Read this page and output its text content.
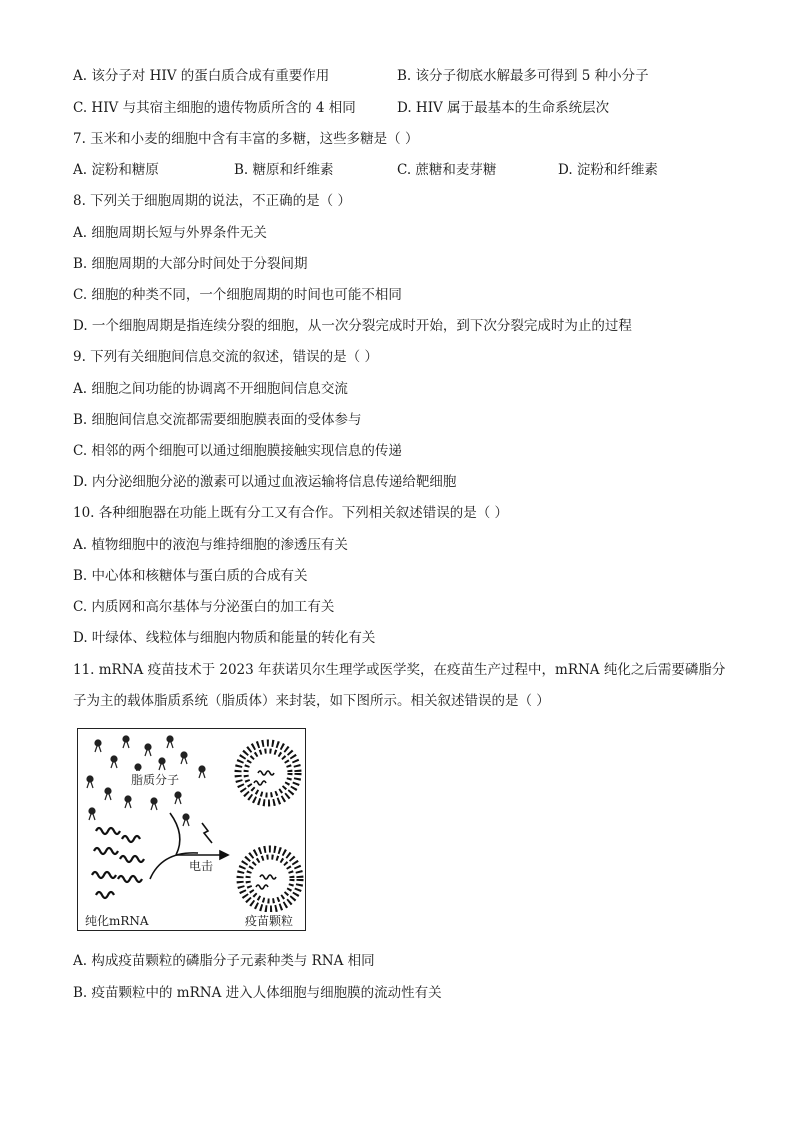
A. 该分子对 HIV 的蛋白质合成有重要作用	B. 该分子彻底水解最多可得到 5 种小分子
C. HIV 与其宿主细胞的遗传物质所含的 4 相同	D. HIV 属于最基本的生命系统层次
7. 玉米和小麦的细胞中含有丰富的多糖，这些多糖是（ ）
A. 淀粉和糖原	B. 糖原和纤维素	C. 蔗糖和麦芽糖	D. 淀粉和纤维素
8. 下列关于细胞周期的说法，不正确的是（ ）
A. 细胞周期长短与外界条件无关
B. 细胞周期的大部分时间处于分裂间期
C. 细胞的种类不同，一个细胞周期的时间也可能不相同
D. 一个细胞周期是指连续分裂的细胞，从一次分裂完成时开始，到下次分裂完成时为止的过程
9. 下列有关细胞间信息交流的叙述，错误的是（ ）
A. 细胞之间功能的协调离不开细胞间信息交流
B. 细胞间信息交流都需要细胞膜表面的受体参与
C. 相邻的两个细胞可以通过细胞膜接触实现信息的传递
D. 内分泌细胞分泌的激素可以通过血液运输将信息传递给靶细胞
10. 各种细胞器在功能上既有分工又有合作。下列相关叙述错误的是（ ）
A. 植物细胞中的液泡与维持细胞的渗透压有关
B. 中心体和核糖体与蛋白质的合成有关
C. 内质网和高尔基体与分泌蛋白的加工有关
D. 叶绿体、线粒体与细胞内物质和能量的转化有关
11. mRNA 疫苗技术于 2023 年获诺贝尔生理学或医学奖，在疫苗生产过程中，mRNA 纯化之后需要磷脂分
子为主的载体脂质系统（脂质体）来封装，如下图所示。相关叙述错误的是（ ）
脂质分子
电击
纯化mRNA	疫苗颗粒
A. 构成疫苗颗粒的磷脂分子元素种类与 RNA 相同
B. 疫苗颗粒中的 mRNA 进入人体细胞与细胞膜的流动性有关
